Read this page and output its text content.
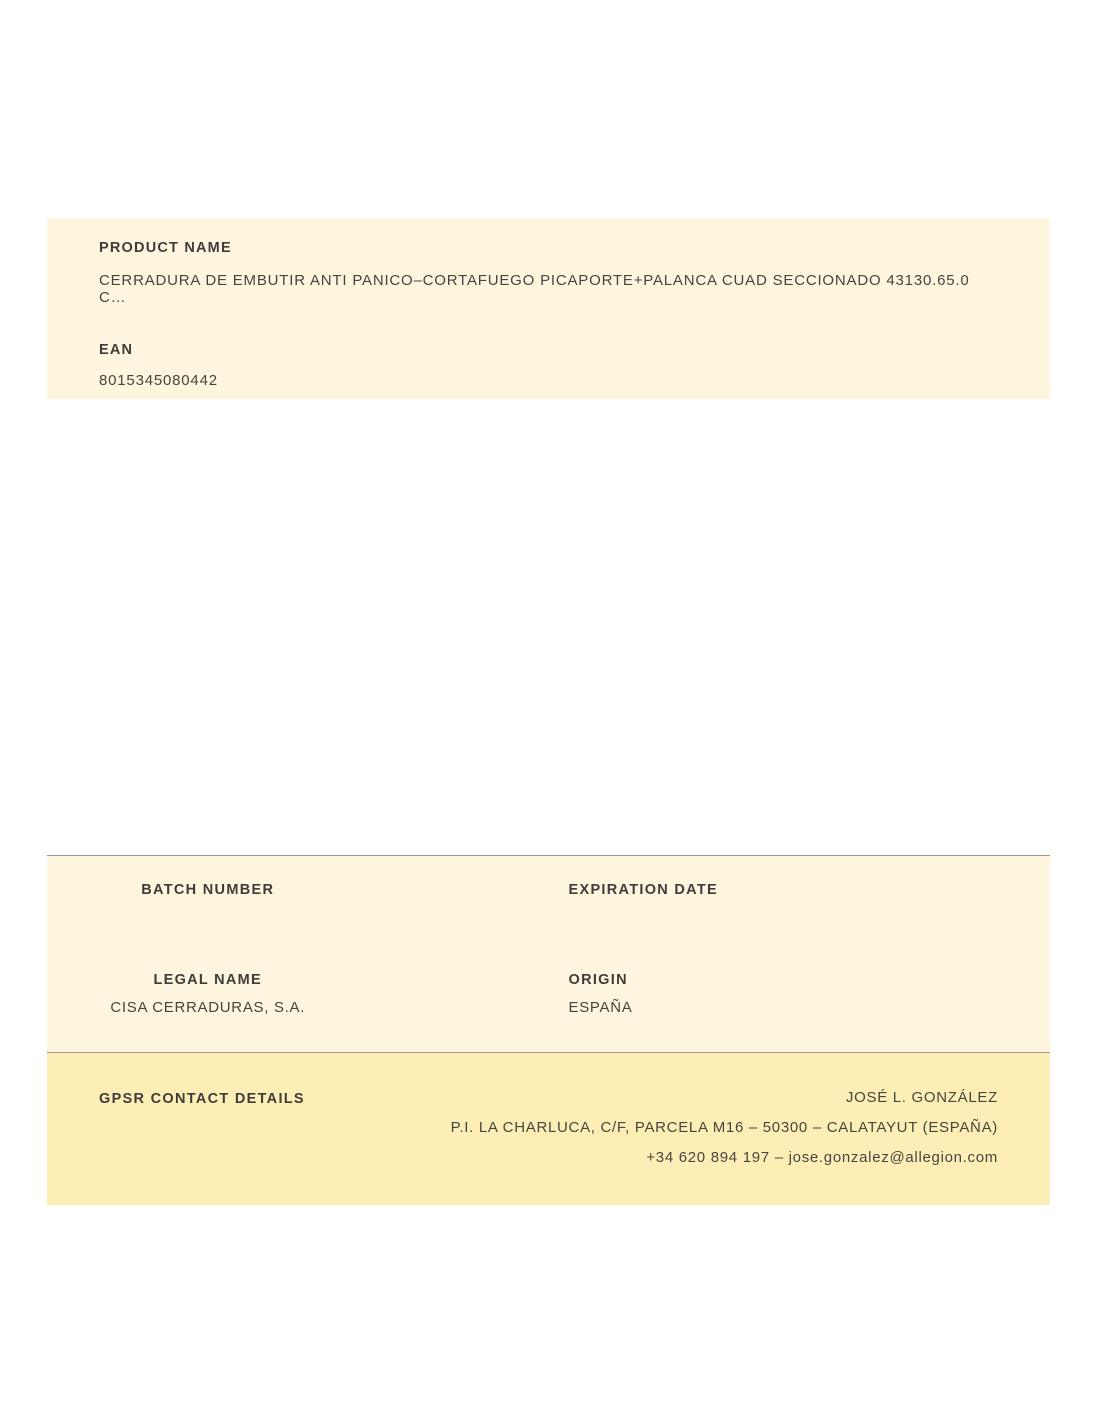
PRODUCT NAME
CERRADURA DE EMBUTIR ANTI PANICO–CORTAFUEGO PICAPORTE+PALANCA CUAD SECCIONADO 43130.65.0 C…
EAN
8015345080442
BATCH NUMBER	EXPIRATION DATE
LEGAL NAME
CISA CERRADURAS, S.A.
ORIGIN
ESPAÑA
GPSR CONTACT DETAILS	JOSÉ L. GONZÁLEZ
P.I. LA CHARLUCA, C/F, PARCELA M16 – 50300 – CALATAYUT (ESPAÑA)
+34 620 894 197 – jose.gonzalez@allegion.com
